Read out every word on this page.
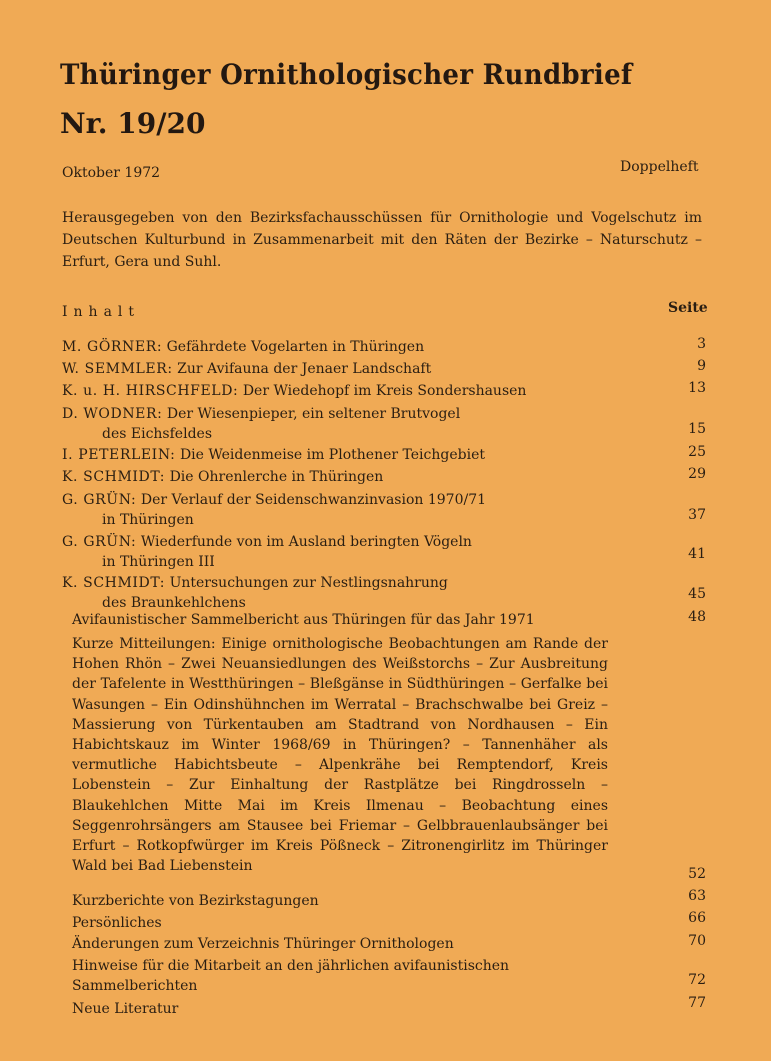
Thüringer Ornithologischer Rundbrief
Nr. 19/20
Oktober 1972	Doppelheft
Herausgegeben von den Bezirksfachausschüssen für Ornithologie und Vogelschutz im Deutschen Kulturbund in Zusammenarbeit mit den Räten der Bezirke – Naturschutz – Erfurt, Gera und Suhl.
Inhalt	Seite
M. GÖRNER: Gefährdete Vogelarten in Thüringen	3
W. SEMMLER: Zur Avifauna der Jenaer Landschaft	9
K. u. H. HIRSCHFELD: Der Wiedehopf im Kreis Sondershausen	13
D. WODNER: Der Wiesenpieper, ein seltener Brutvogel
des Eichsfeldes	15
I. PETERLEIN: Die Weidenmeise im Plothener Teichgebiet	25
K. SCHMIDT: Die Ohrenlerche in Thüringen	29
G. GRÜN: Der Verlauf der Seidenschwanzinvasion 1970/71
in Thüringen	37
G. GRÜN: Wiederfunde von im Ausland beringten Vögeln
in Thüringen III	41
K. SCHMIDT: Untersuchungen zur Nestlingsnahrung
des Braunkehlchens
45
Avifaunistischer Sammelbericht aus Thüringen für das Jahr 1971	48
Kurze Mitteilungen: Einige ornithologische Beobachtungen am Rande der Hohen Rhön – Zwei Neuansiedlungen des Weißstorchs – Zur Ausbreitung der Tafelente in Westthüringen – Bleßgänse in Südthüringen – Gerfalke bei Wasungen – Ein Odinshühnchen im Werratal – Brachschwalbe bei Greiz – Massierung von Türkentauben am Stadtrand von Nordhausen – Ein Habichtskauz im Winter 1968/69 in Thüringen? – Tannenhäher als vermutliche Habichtsbeute – Alpenkrähe bei Remptendorf, Kreis Lobenstein – Zur Einhaltung der Rastplätze bei Ringdrosseln – Blaukehlchen Mitte Mai im Kreis Ilmenau – Beobachtung eines Seggenrohrsängers am Stausee bei Friemar – Gelbbrauenlaubsänger bei Erfurt – Rotkopfwürger im Kreis Pößneck – Zitronengirlitz im Thüringer Wald bei Bad Liebenstein	52
Kurzberichte von Bezirkstagungen	63
Persönliches	66
Änderungen zum Verzeichnis Thüringer Ornithologen	70
Hinweise für die Mitarbeit an den jährlichen avifaunistischen
Sammelberichten	72
Neue Literatur	77
